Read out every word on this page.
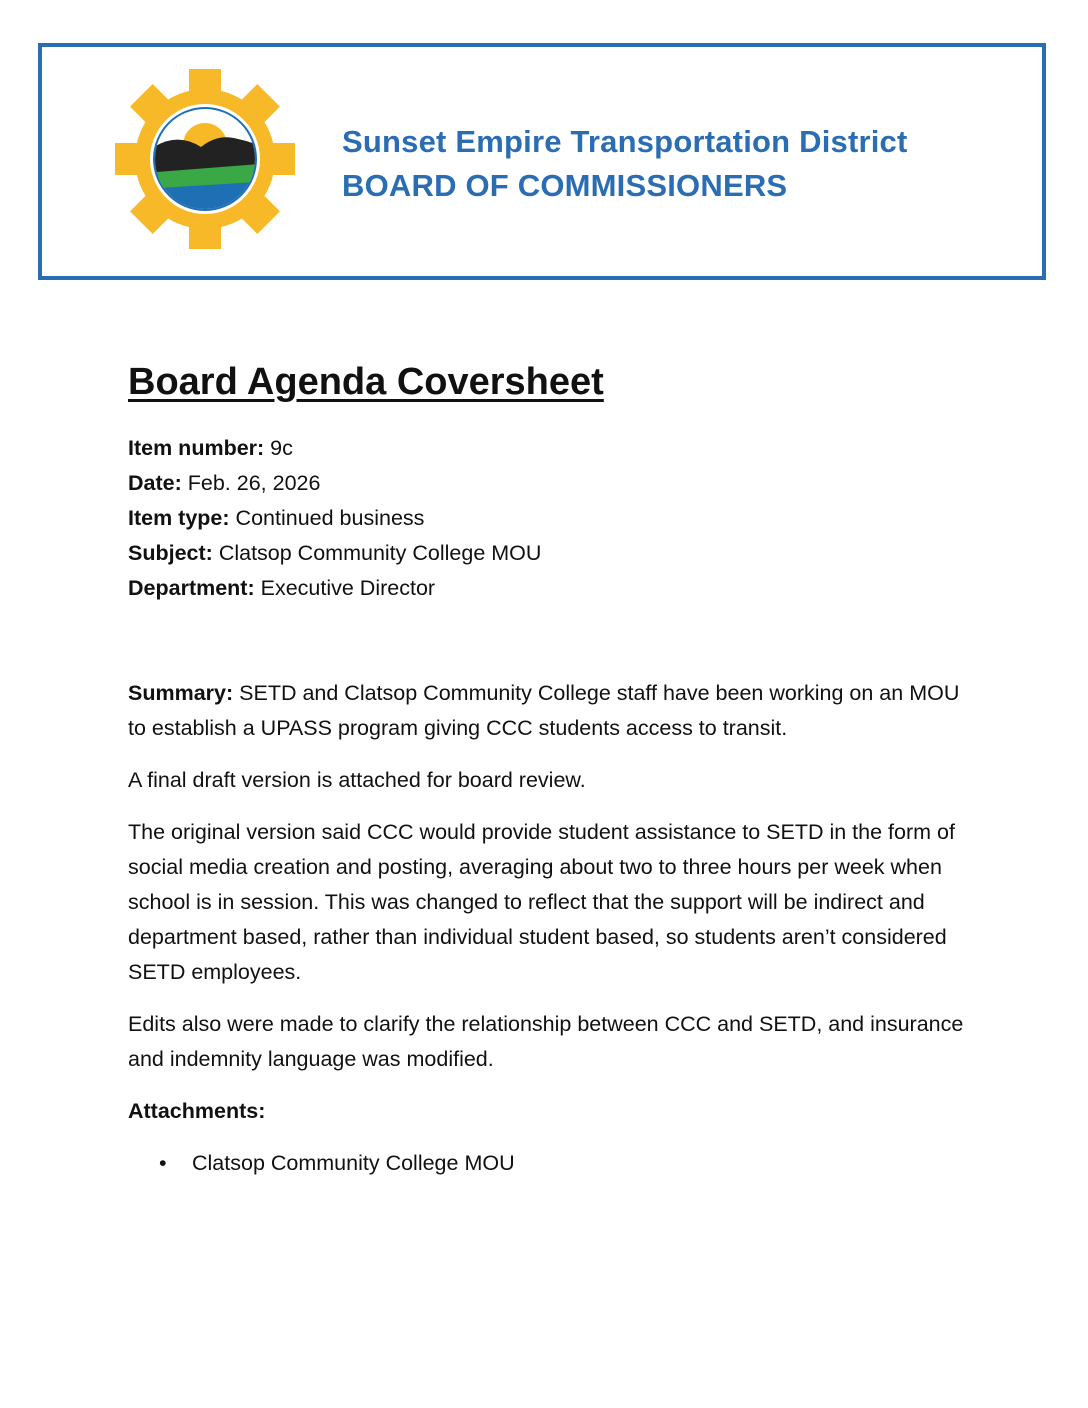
Sunset Empire Transportation District
BOARD OF COMMISSIONERS
Board Agenda Coversheet
Item number: 9c
Date: Feb. 26, 2026
Item type: Continued business
Subject: Clatsop Community College MOU
Department: Executive Director

Summary: SETD and Clatsop Community College staff have been working on an MOU to establish a UPASS program giving CCC students access to transit.

A final draft version is attached for board review.

The original version said CCC would provide student assistance to SETD in the form of social media creation and posting, averaging about two to three hours per week when school is in session. This was changed to reflect that the support will be indirect and department based, rather than individual student based, so students aren’t considered SETD employees.

Edits also were made to clarify the relationship between CCC and SETD, and insurance and indemnity language was modified.

Attachments:

• Clatsop Community College MOU
